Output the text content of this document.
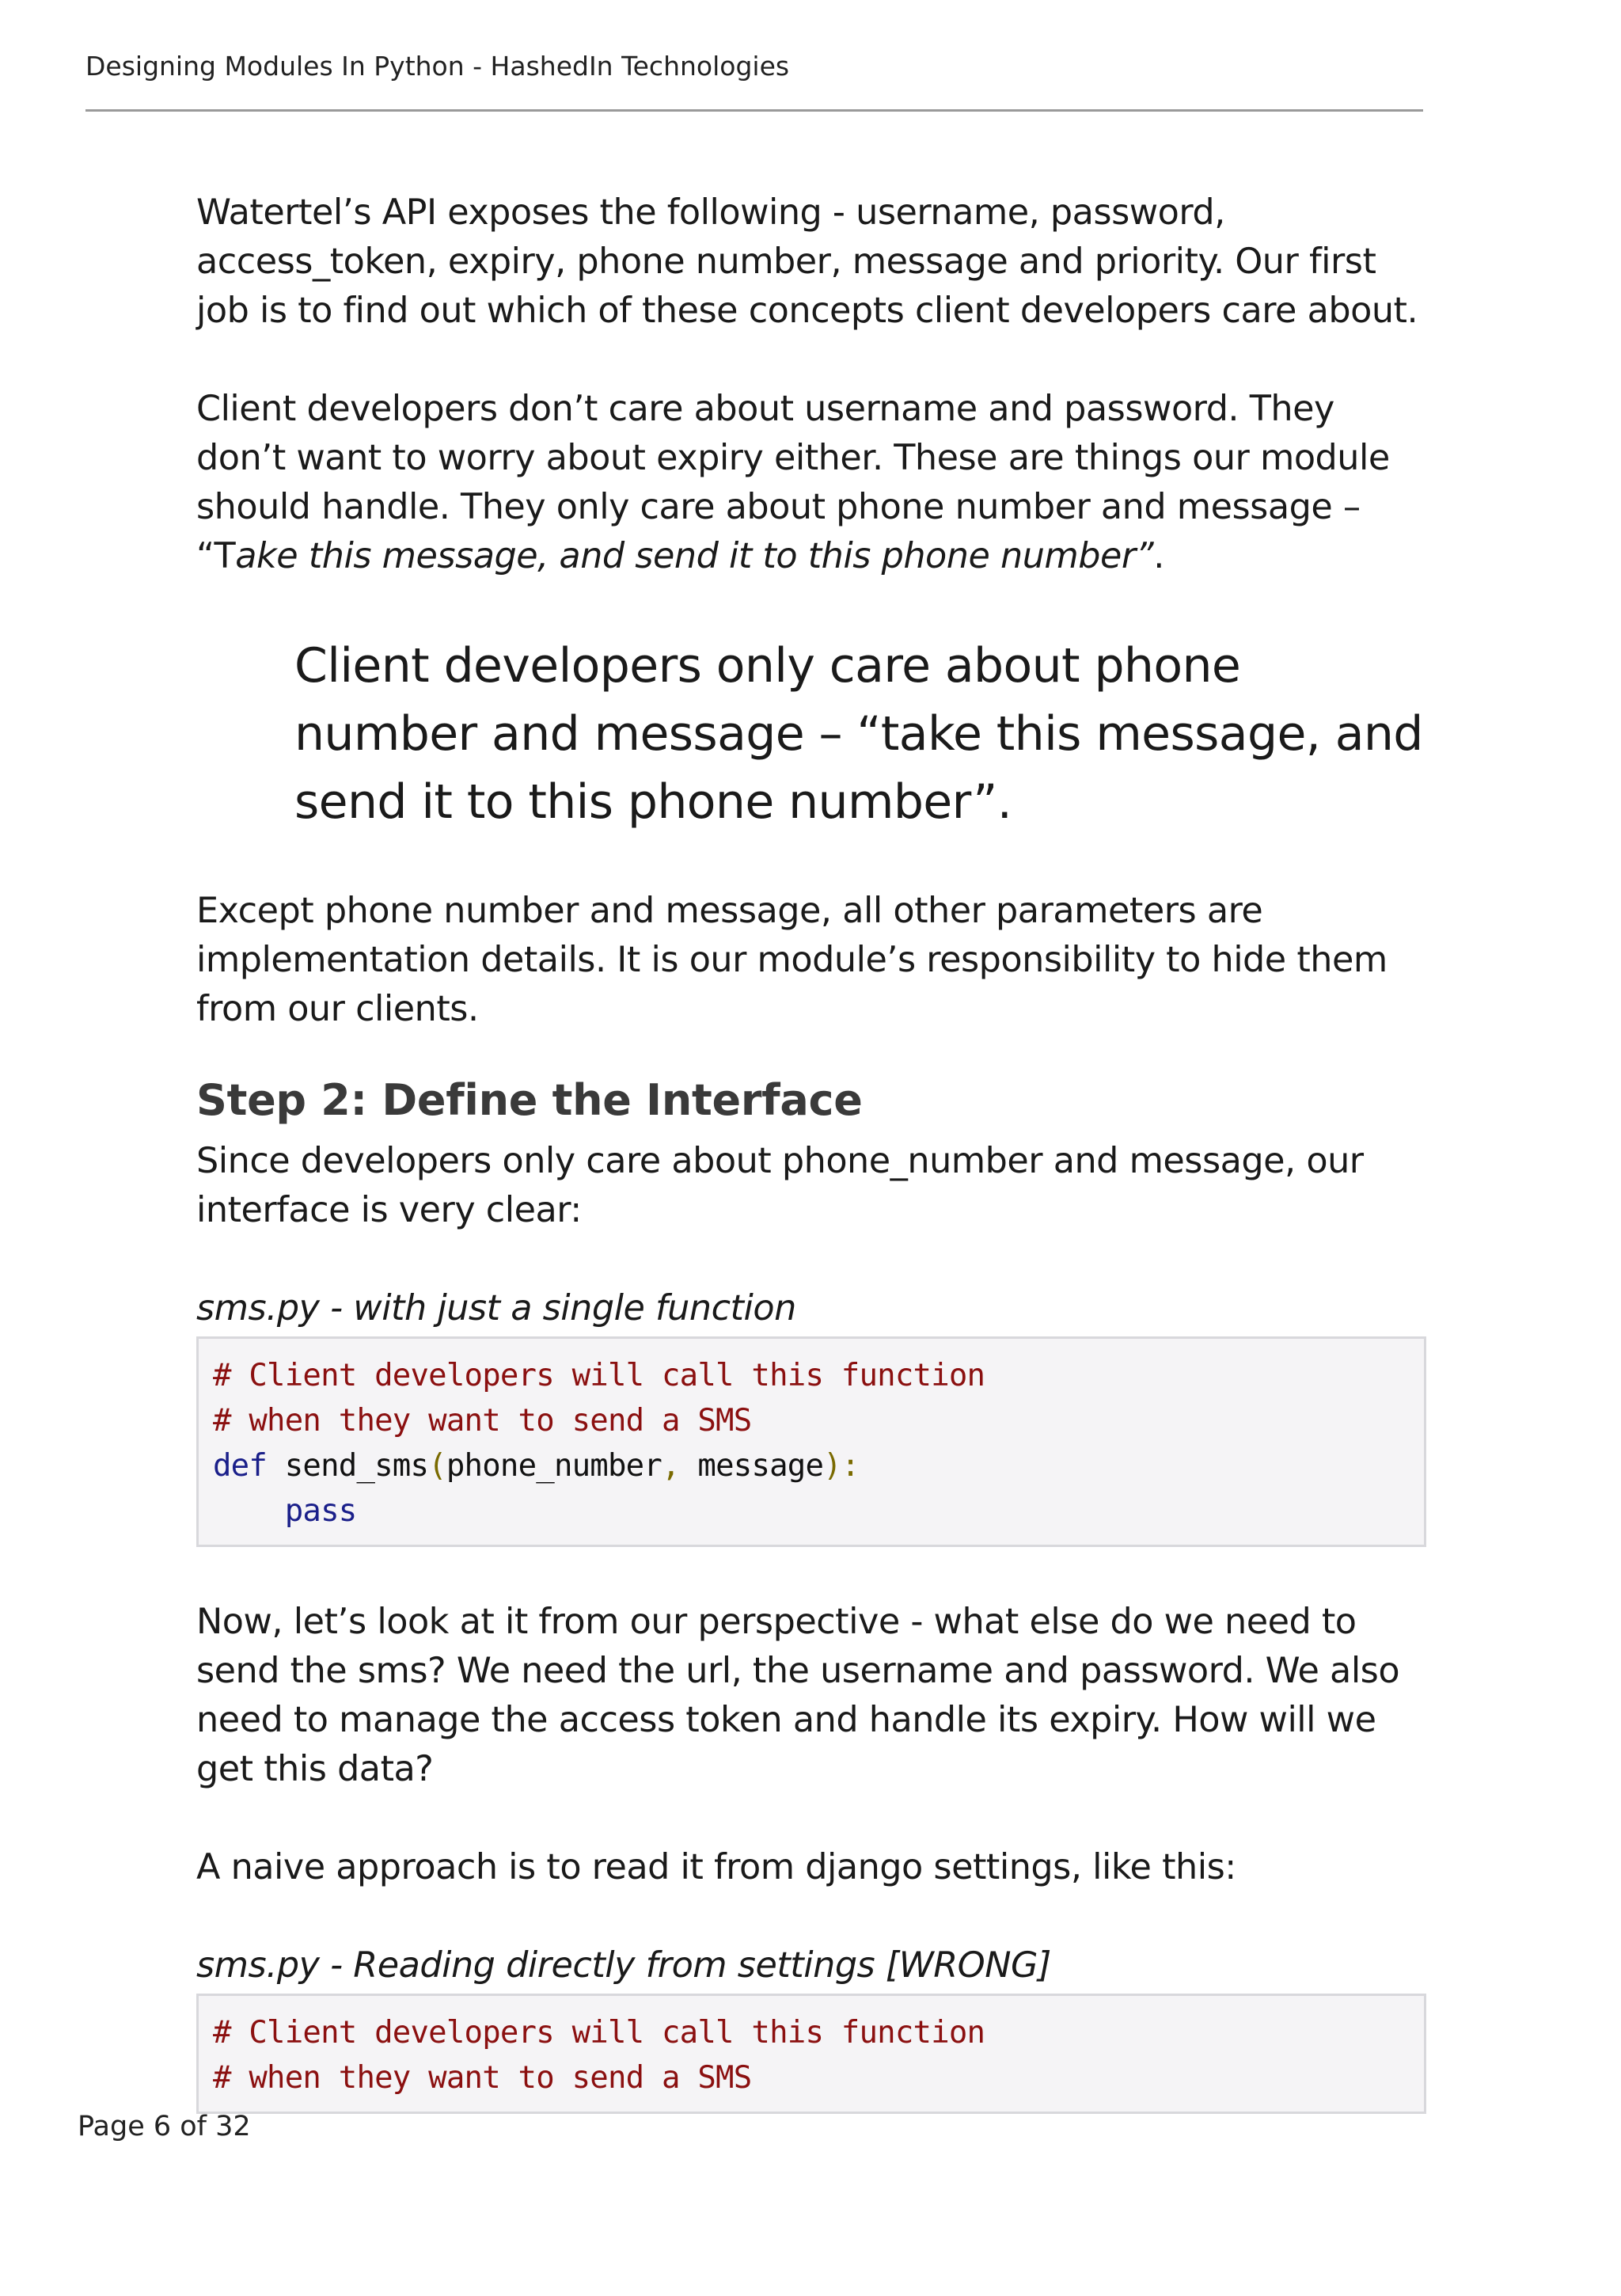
Designing Modules In Python - HashedIn Technologies

Watertel’s API exposes the following - username, password, access_token, expiry, phone number, message and priority. Our first job is to find out which of these concepts client developers care about.

Client developers don’t care about username and password. They don’t want to worry about expiry either. These are things our module should handle. They only care about phone number and message – “Take this message, and send it to this phone number”.

Client developers only care about phone number and message – “take this message, and send it to this phone number”.

Except phone number and message, all other parameters are implementation details. It is our module’s responsibility to hide them from our clients.

Step 2: Define the Interface

Since developers only care about phone_number and message, our interface is very clear:

sms.py - with just a single function

# Client developers will call this function
# when they want to send a SMS
def send_sms(phone_number, message):
pass

Now, let’s look at it from our perspective - what else do we need to send the sms? We need the url, the username and password. We also need to manage the access token and handle its expiry. How will we get this data?

A naive approach is to read it from django settings, like this:

sms.py - Reading directly from settings [WRONG]

# Client developers will call this function
# when they want to send a SMS
Page 6 of 32
